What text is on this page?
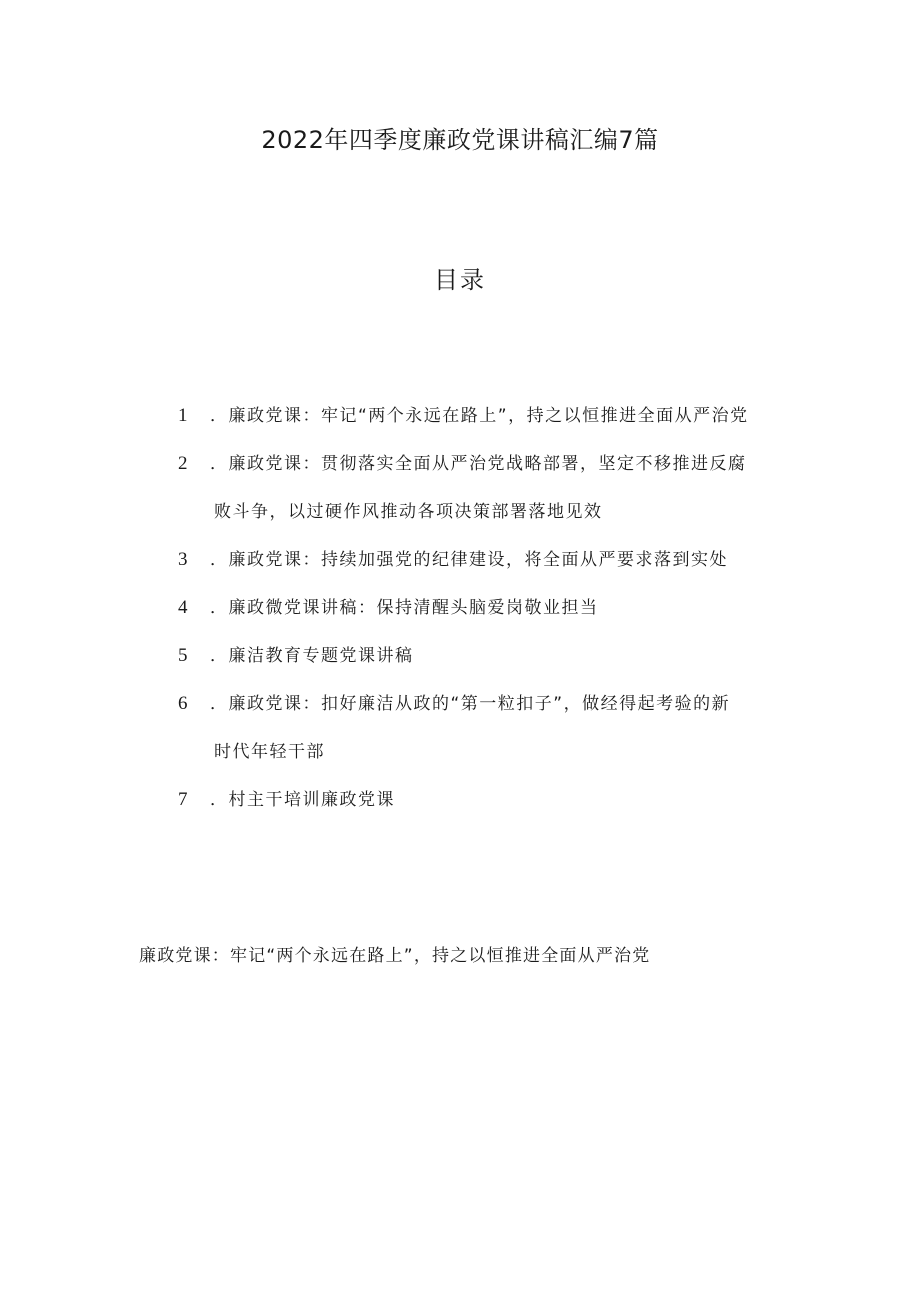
2022年四季度廉政党课讲稿汇编7篇
目录
1	．廉政党课：牢记“两个永远在路上”，持之以恒推进全面从严治党
2	．廉政党课：贯彻落实全面从严治党战略部署，坚定不移推进反腐
败斗争，以过硬作风推动各项决策部署落地见效
3	．廉政党课：持续加强党的纪律建设，将全面从严要求落到实处
4	．廉政微党课讲稿：保持清醒头脑爱岗敬业担当
5	．廉洁教育专题党课讲稿
6	．廉政党课：扣好廉洁从政的“第一粒扣子”，做经得起考验的新
时代年轻干部
7	．村主干培训廉政党课
廉政党课：牢记“两个永远在路上”，持之以恒推进全面从严治党
